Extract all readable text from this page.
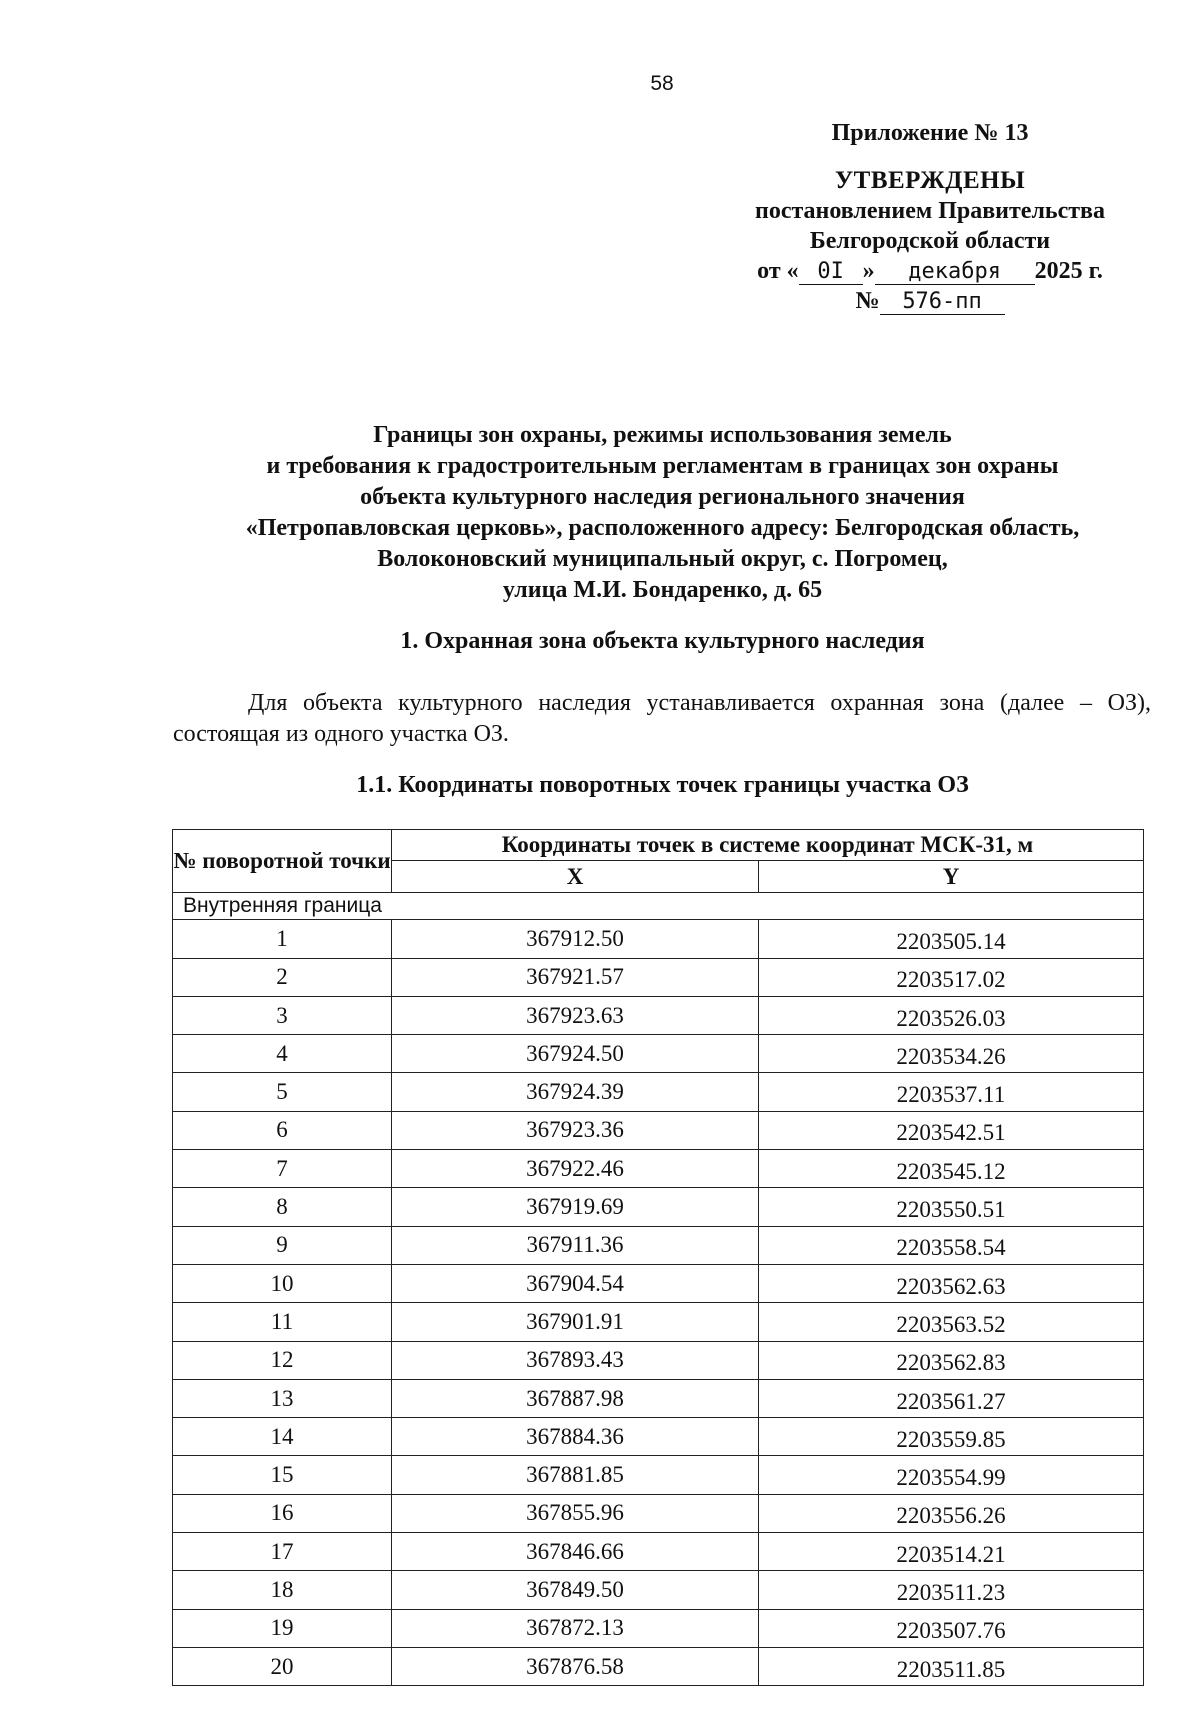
58
Приложение № 13
УТВЕРЖДЕНЫ
постановлением Правительства
Белгородской области
от « 0I » декабря 2025 г.
№ 576-пп
Границы зон охраны, режимы использования земель
и требования к градостроительным регламентам в границах зон охраны
объекта культурного наследия регионального значения
«Петропавловская церковь», расположенного адресу: Белгородская область,
Волоконовский муниципальный округ, с. Погромец,
улица М.И. Бондаренко, д. 65
1. Охранная зона объекта культурного наследия
Для объекта культурного наследия устанавливается охранная зона (далее – ОЗ), состоящая из одного участка ОЗ.
1.1. Координаты поворотных точек границы участка ОЗ
№ поворотной точки	Координаты точек в системе координат МСК-31, м	
	X	Y
Внутренняя граница		
1	367912.50	2203505.14
2	367921.57	2203517.02
3	367923.63	2203526.03
4	367924.50	2203534.26
5	367924.39	2203537.11
6	367923.36	2203542.51
7	367922.46	2203545.12
8	367919.69	2203550.51
9	367911.36	2203558.54
10	367904.54	2203562.63
11	367901.91	2203563.52
12	367893.43	2203562.83
13	367887.98	2203561.27
14	367884.36	2203559.85
15	367881.85	2203554.99
16	367855.96	2203556.26
17	367846.66	2203514.21
18	367849.50	2203511.23
19	367872.13	2203507.76
20	367876.58	2203511.85
